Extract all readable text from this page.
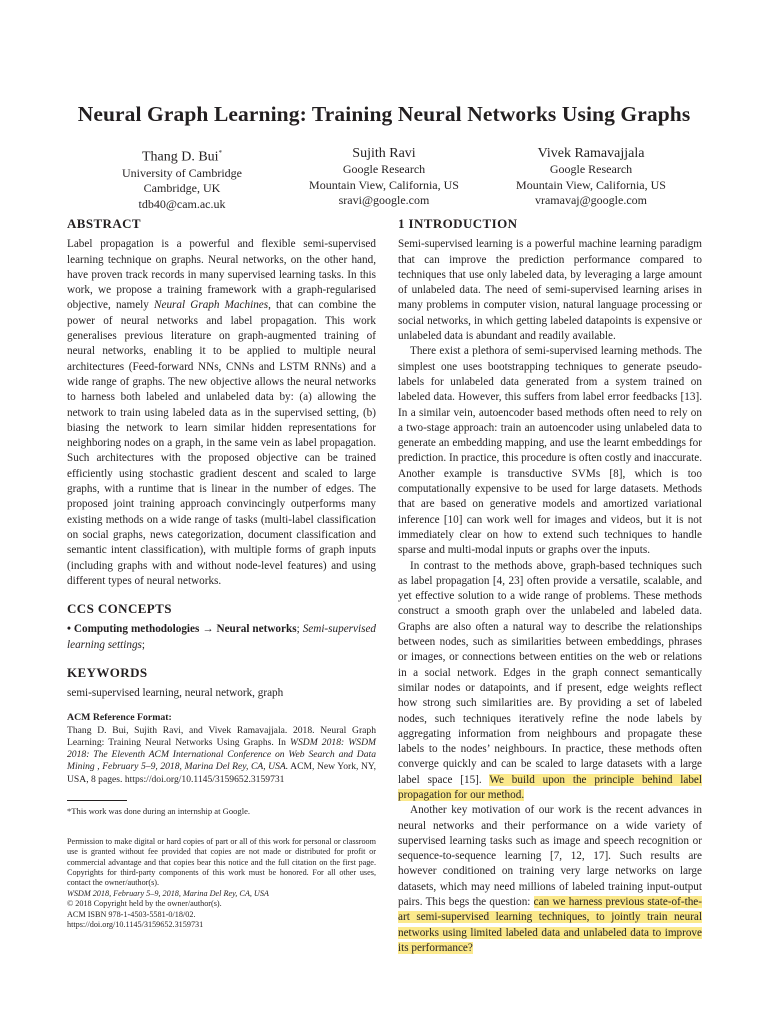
Neural Graph Learning: Training Neural Networks Using Graphs
Thang D. Bui*
University of Cambridge
Cambridge, UK
tdb40@cam.ac.uk
Sujith Ravi
Google Research
Mountain View, California, US
sravi@google.com
Vivek Ramavajjala
Google Research
Mountain View, California, US
vramavaj@google.com
ABSTRACT

Label propagation is a powerful and flexible semi-supervised learning technique on graphs. Neural networks, on the other hand, have proven track records in many supervised learning tasks. In this work, we propose a training framework with a graph-regularised objective, namely Neural Graph Machines, that can combine the power of neural networks and label propagation. This work generalises previous literature on graph-augmented training of neural networks, enabling it to be applied to multiple neural architectures (Feed-forward NNs, CNNs and LSTM RNNs) and a wide range of graphs. The new objective allows the neural networks to harness both labeled and unlabeled data by: (a) allowing the network to train using labeled data as in the supervised setting, (b) biasing the network to learn similar hidden representations for neighboring nodes on a graph, in the same vein as label propagation. Such architectures with the proposed objective can be trained efficiently using stochastic gradient descent and scaled to large graphs, with a runtime that is linear in the number of edges. The proposed joint training approach convincingly outperforms many existing methods on a wide range of tasks (multi-label classification on social graphs, news categorization, document classification and semantic intent classification), with multiple forms of graph inputs (including graphs with and without node-level features) and using different types of neural networks.

CCS CONCEPTS

• Computing methodologies → Neural networks; Semi-supervised learning settings;

KEYWORDS

semi-supervised learning, neural network, graph

ACM Reference Format:

Thang D. Bui, Sujith Ravi, and Vivek Ramavajjala. 2018. Neural Graph Learning: Training Neural Networks Using Graphs. In WSDM 2018: WSDM 2018: The Eleventh ACM International Conference on Web Search and Data Mining , February 5–9, 2018, Marina Del Rey, CA, USA. ACM, New York, NY, USA, 8 pages. https://doi.org/10.1145/3159652.3159731

*This work was done during an internship at Google.

Permission to make digital or hard copies of part or all of this work for personal or classroom use is granted without fee provided that copies are not made or distributed for profit or commercial advantage and that copies bear this notice and the full citation on the first page. Copyrights for third-party components of this work must be honored. For all other uses, contact the owner/author(s).

WSDM 2018, February 5–9, 2018, Marina Del Rey, CA, USA
© 2018 Copyright held by the owner/author(s).
ACM ISBN 978-1-4503-5581-0/18/02.
https://doi.org/10.1145/3159652.3159731
1 INTRODUCTION

Semi-supervised learning is a powerful machine learning paradigm that can improve the prediction performance compared to techniques that use only labeled data, by leveraging a large amount of unlabeled data. The need of semi-supervised learning arises in many problems in computer vision, natural language processing or social networks, in which getting labeled datapoints is expensive or unlabeled data is abundant and readily available.

There exist a plethora of semi-supervised learning methods. The simplest one uses bootstrapping techniques to generate pseudo-labels for unlabeled data generated from a system trained on labeled data. However, this suffers from label error feedbacks [13]. In a similar vein, autoencoder based methods often need to rely on a two-stage approach: train an autoencoder using unlabeled data to generate an embedding mapping, and use the learnt embeddings for prediction. In practice, this procedure is often costly and inaccurate. Another example is transductive SVMs [8], which is too computationally expensive to be used for large datasets. Methods that are based on generative models and amortized variational inference [10] can work well for images and videos, but it is not immediately clear on how to extend such techniques to handle sparse and multi-modal inputs or graphs over the inputs.

In contrast to the methods above, graph-based techniques such as label propagation [4, 23] often provide a versatile, scalable, and yet effective solution to a wide range of problems. These methods construct a smooth graph over the unlabeled and labeled data. Graphs are also often a natural way to describe the relationships between nodes, such as similarities between embeddings, phrases or images, or connections between entities on the web or relations in a social network. Edges in the graph connect semantically similar nodes or datapoints, and if present, edge weights reflect how strong such similarities are. By providing a set of labeled nodes, such techniques iteratively refine the node labels by aggregating information from neighbours and propagate these labels to the nodes’ neighbours. In practice, these methods often converge quickly and can be scaled to large datasets with a large label space [15]. We build upon the principle behind label propagation for our method.

Another key motivation of our work is the recent advances in neural networks and their performance on a wide variety of supervised learning tasks such as image and speech recognition or sequence-to-sequence learning [7, 12, 17]. Such results are however conditioned on training very large networks on large datasets, which may need millions of labeled training input-output pairs. This begs the question: can we harness previous state-of-the-art semi-supervised learning techniques, to jointly train neural networks using limited labeled data and unlabeled data to improve its performance?
